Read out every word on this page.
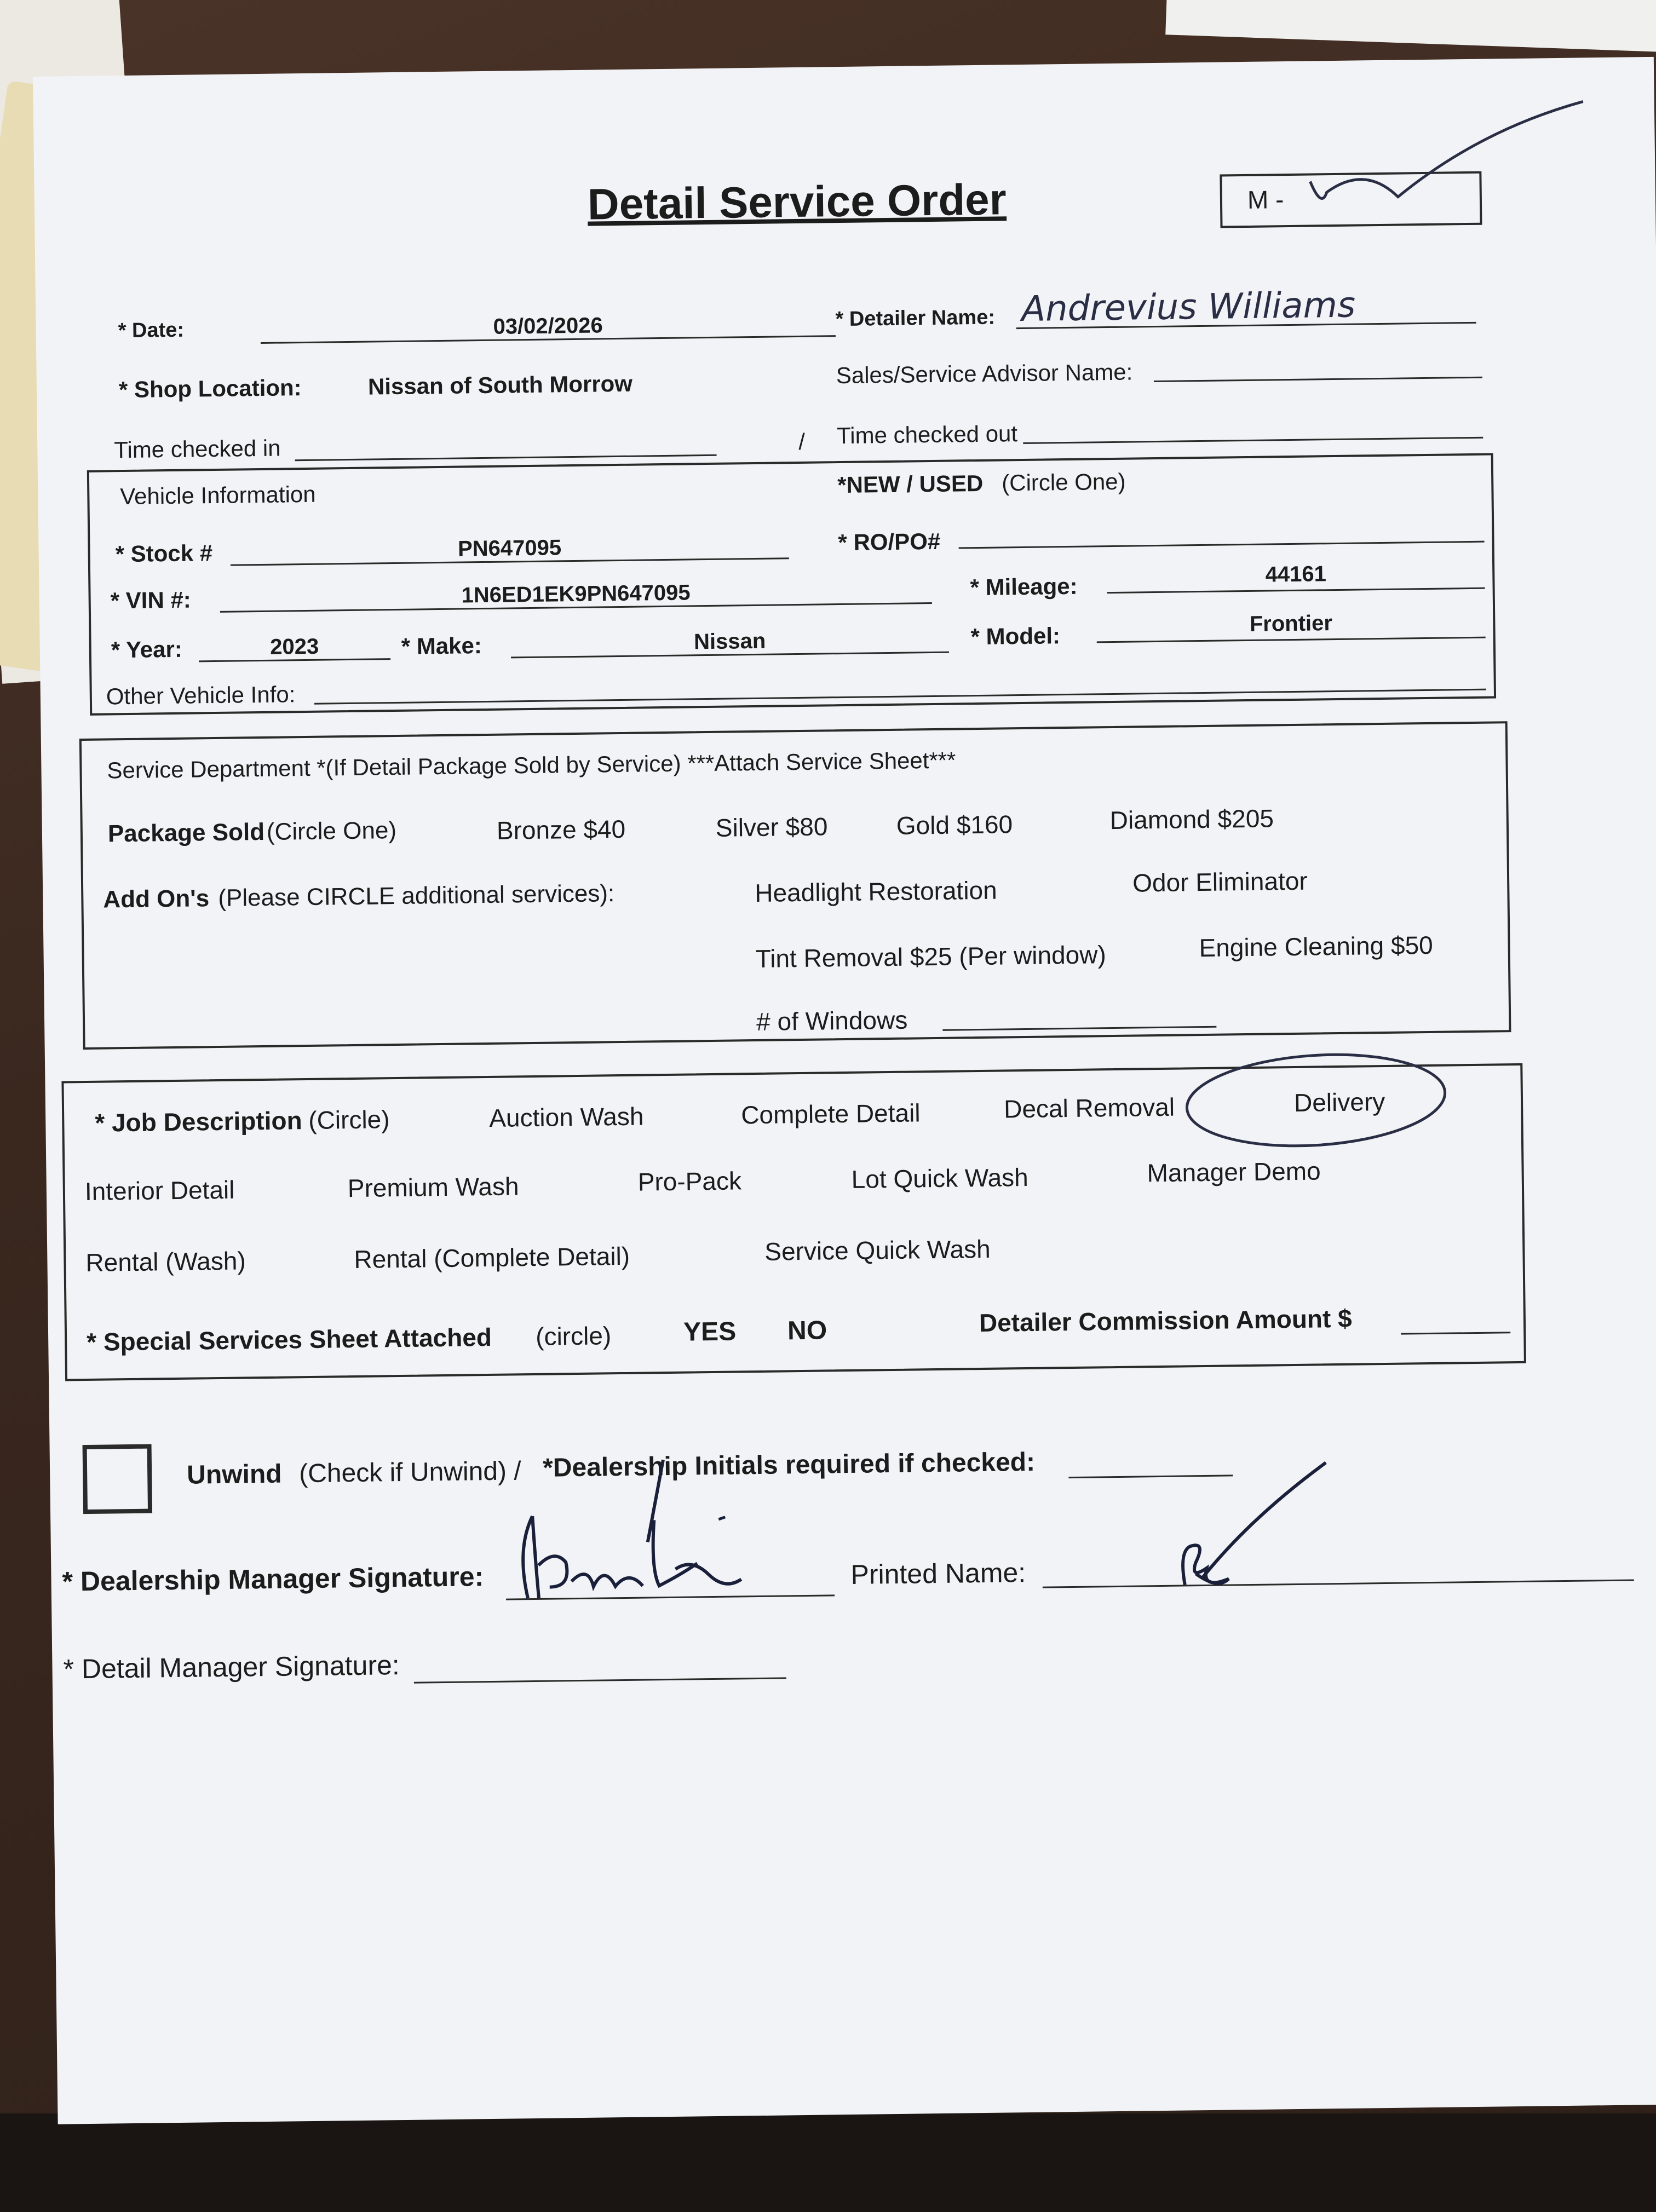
Detail Service Order	M -
* Date:	03/02/2026	* Detailer Name: Andrevius Williams
* Shop Location:	Nissan of South Morrow	Sales/Service Advisor Name:
Time checked in	/ Time checked out
Vehicle Information	*NEW / USED (Circle One)
* Stock #	PN647095	* RO/PO#
* VIN #:	1N6ED1EK9PN647095	* Mileage:	44161
* Year:	2023	* Make:	Nissan	* Model:	Frontier
Other Vehicle Info:
Service Department *(If Detail Package Sold by Service) ***Attach Service Sheet***
Package Sold (Circle One)	Bronze $40	Silver $80	Gold $160	Diamond $205
Add On's (Please CIRCLE additional services):	Headlight Restoration	Odor Eliminator
Tint Removal $25 (Per window)	Engine Cleaning $50
# of Windows
* Job Description (Circle)	Auction Wash	Complete Detail	Decal Removal	Delivery
Interior Detail	Premium Wash	Pro-Pack	Lot Quick Wash	Manager Demo
Rental (Wash)	Rental (Complete Detail)	Service Quick Wash
* Special Services Sheet Attached (circle)	YES NO	Detailer Commission Amount $
Unwind (Check if Unwind) / *Dealership Initials required if checked:
* Dealership Manager Signature:	Printed Name:
* Detail Manager Signature:
